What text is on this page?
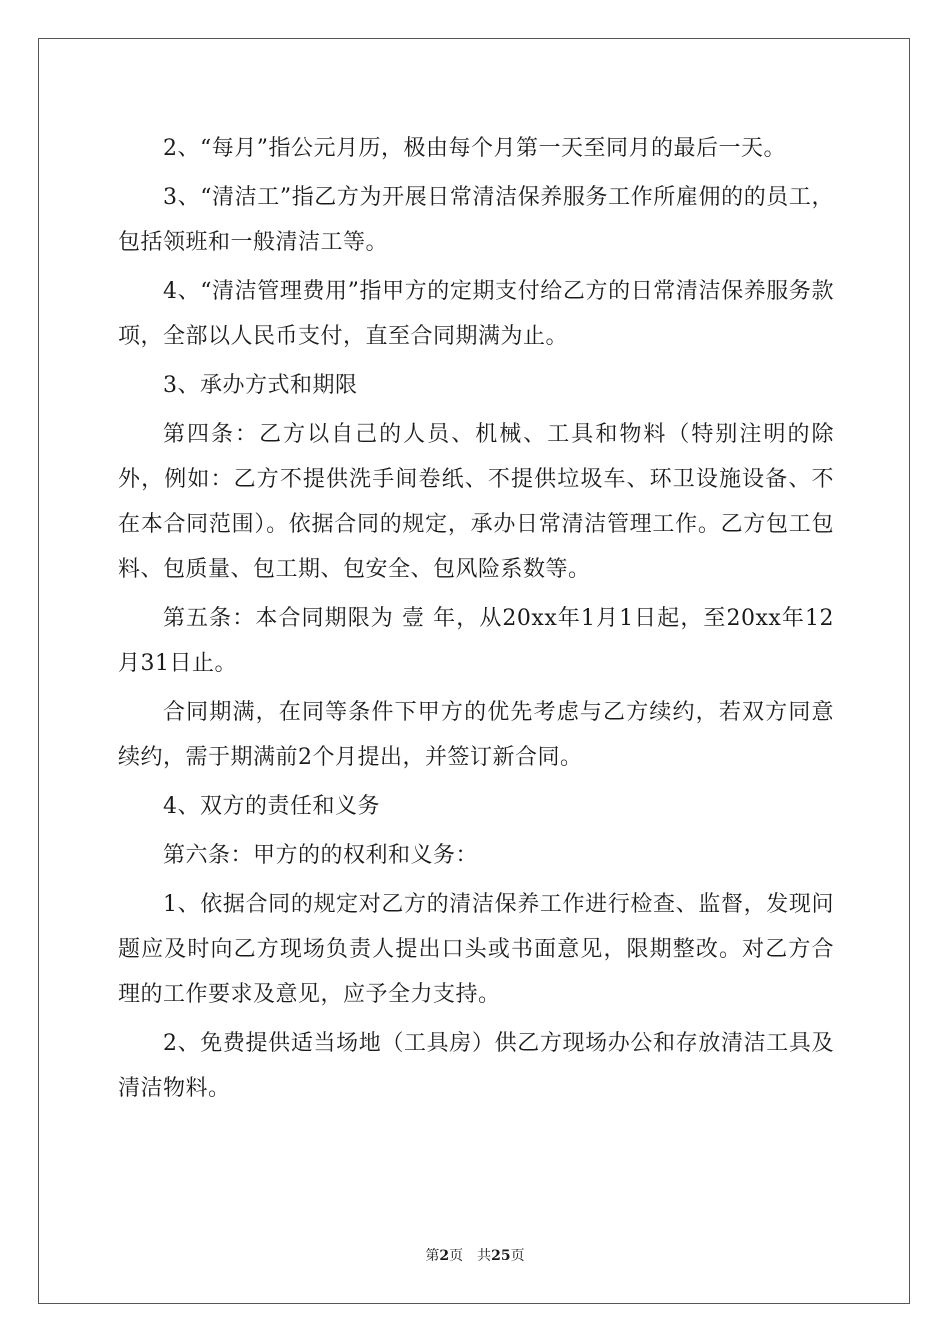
2、“每月”指公元月历，极由每个月第一天至同月的最后一天。

3、“清洁工”指乙方为开展日常清洁保养服务工作所雇佣的的员工，包括领班和一般清洁工等。

4、“清洁管理费用”指甲方的定期支付给乙方的日常清洁保养服务款项，全部以人民币支付，直至合同期满为止。

3、承办方式和期限

第四条：乙方以自己的人员、机械、工具和物料（特别注明的除外，例如：乙方不提供洗手间卷纸、不提供垃圾车、环卫设施设备、不在本合同范围）。依据合同的规定，承办日常清洁管理工作。乙方包工包料、包质量、包工期、包安全、包风险系数等。

第五条：本合同期限为 壹 年，从20xx年1月1日起，至20xx年12月31日止。

合同期满，在同等条件下甲方的优先考虑与乙方续约，若双方同意续约，需于期满前2个月提出，并签订新合同。

4、双方的责任和义务

第六条：甲方的的权利和义务：

1、依据合同的规定对乙方的清洁保养工作进行检查、监督，发现问题应及时向乙方现场负责人提出口头或书面意见，限期整改。对乙方合理的工作要求及意见，应予全力支持。

2、免费提供适当场地（工具房）供乙方现场办公和存放清洁工具及清洁物料。

第2页 共25页
